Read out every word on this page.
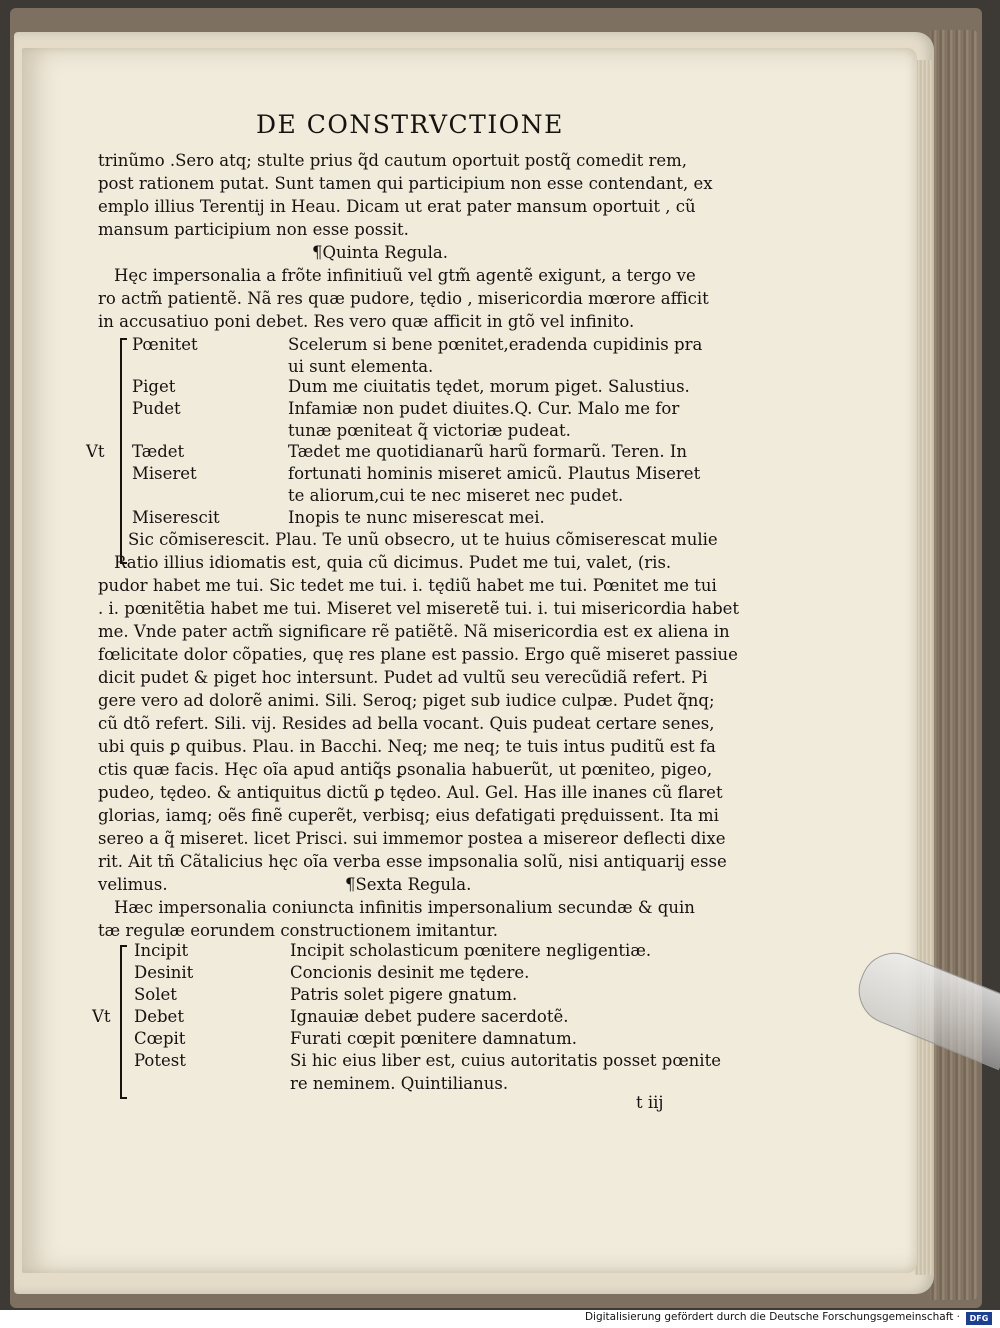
DE CONSTRVCTIONE
trinũmo .Sero atq; stulte prius q̃d cautum oportuit postq̃ comedit rem,
post rationem putat. Sunt tamen qui participium non esse contendant, ex
emplo illius Terentij in Heau. Dicam ut erat pater mansum oportuit , cũ
mansum participium non esse possit.
¶Quinta Regula.
Hęc impersonalia a frõte infinitiuũ vel gtm̃ agentẽ exigunt, a tergo ve
ro actm̃ patientẽ. Nã res quæ pudore, tędio , misericordia mœrore afficit
in accusatiuo poni debet. Res vero quæ afficit in gtõ vel infinito.
Vt
Pœnitet	Scelerum si bene pœnitet,eradenda cupidinis pra
ui sunt elementa.
Piget	Dum me ciuitatis tędet, morum piget. Salustius.
Pudet	Infamiæ non pudet diuites.Q. Cur. Malo me for
tunæ pœniteat q̃ victoriæ pudeat.
Tædet	Tædet me quotidianarũ harũ formarũ. Teren. In
Miseret	fortunati hominis miseret amicũ. Plautus Miseret
te aliorum,cui te nec miseret nec pudet.
Miserescit	Inopis te nunc miserescat mei.
Sic cõmiserescit. Plau. Te unũ obsecro, ut te huius cõmiserescat mulie
Ratio illius idiomatis est, quia cũ dicimus. Pudet me tui, valet, (ris.
pudor habet me tui. Sic tedet me tui. i. tędiũ habet me tui. Pœnitet me tui
. i. pœnitẽtia habet me tui. Miseret vel miseretẽ tui. i. tui misericordia habet
me. Vnde pater actm̃ significare rẽ patiẽtẽ. Nã misericordia est ex aliena in
fœlicitate dolor cõpaties, quę res plane est passio. Ergo quẽ miseret passiue
dicit pudet & piget hoc intersunt. Pudet ad vultũ seu verecũdiã refert. Pi
gere vero ad dolorẽ animi. Sili. Seroq; piget sub iudice culpæ. Pudet q̃nq;
cũ dtõ refert. Sili. vij. Resides ad bella vocant. Quis pudeat certare senes,
ubi quis ꝑ quibus. Plau. in Bacchi. Neq; me neq; te tuis intus puditũ est fa
ctis quæ facis. Hęc oĩa apud antiq̃s ꝑsonalia habuerũt, ut pœniteo, pigeo,
pudeo, tędeo. & antiquitus dictũ ꝑ tędeo. Aul. Gel. Has ille inanes cũ flaret
glorias, iamq; oẽs finẽ cuperẽt, verbisq; eius defatigati pręduissent. Ita mi
sereo a q̃ miseret. licet Prisci. sui immemor postea a misereor deflecti dixe
rit. Ait tñ Cãtalicius hęc oĩa verba esse impsonalia solũ, nisi antiquarij esse
velimus.	¶Sexta Regula.
Hæc impersonalia coniuncta infinitis impersonalium secundæ & quin
tæ regulæ eorundem constructionem imitantur.
Vt
Incipit	Incipit scholasticum pœnitere negligentiæ.
Desinit	Concionis desinit me tędere.
Solet	Patris solet pigere gnatum.
Debet	Ignauiæ debet pudere sacerdotẽ.
Cœpit	Furati cœpit pœnitere damnatum.
Potest	Si hic eius liber est, cuius autoritatis posset pœnite
re neminem. Quintilianus.
t iij
Digitalisierung gefördert durch die Deutsche Forschungsgemeinschaft ·	DFG
